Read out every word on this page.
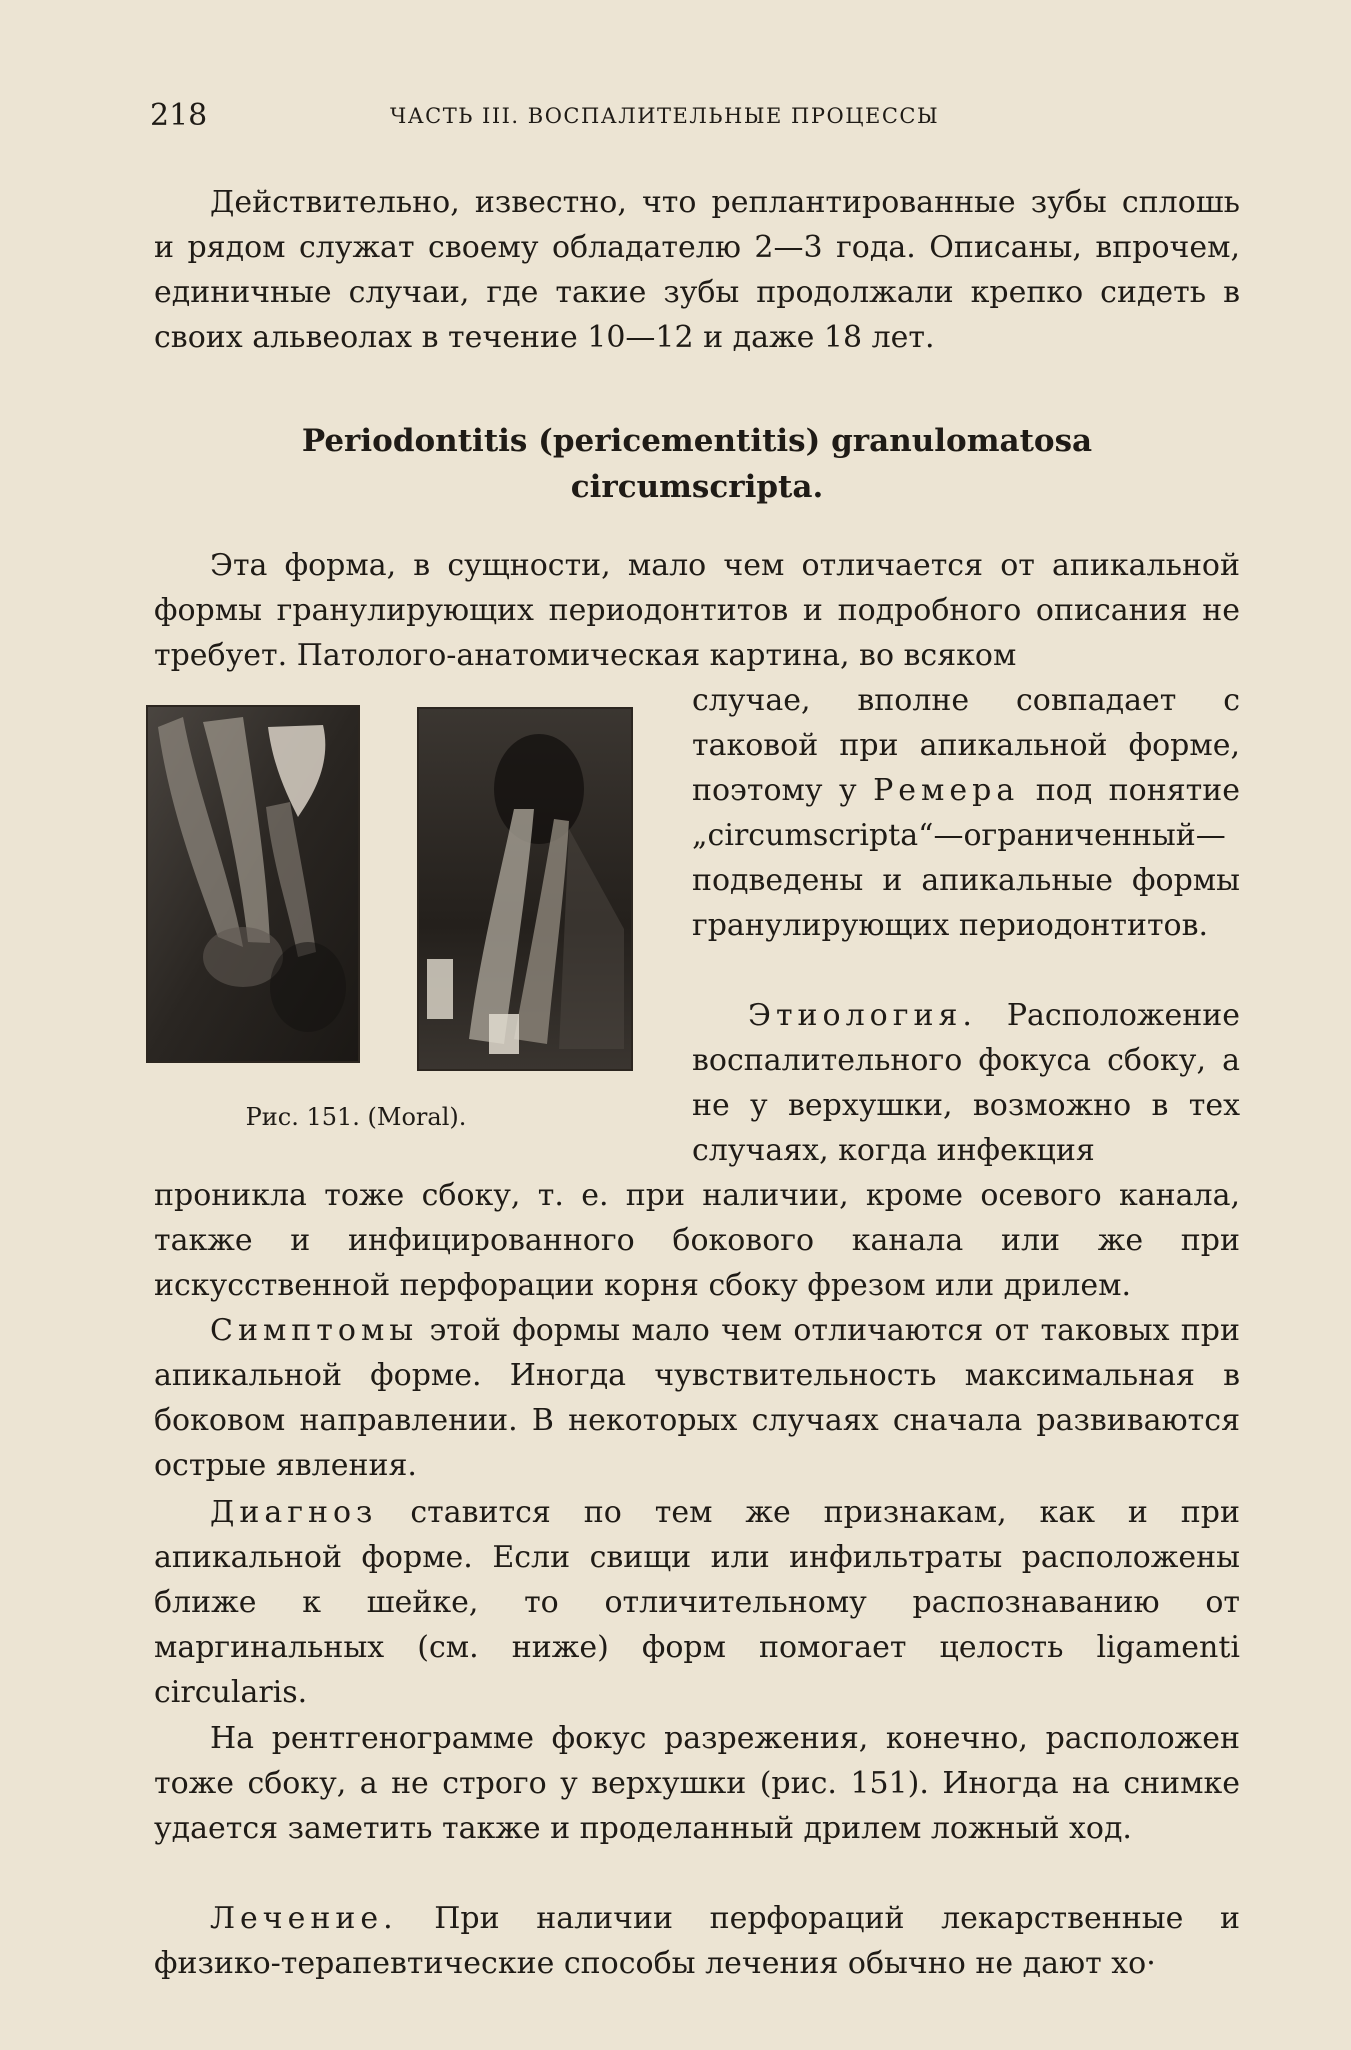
218	ЧАСТЬ III. ВОСПАЛИТЕЛЬНЫЕ ПРОЦЕССЫ

Действительно, известно, что реплантированные зубы сплошь и рядом служат своему обладателю 2—3 года. Описаны, впрочем, единичные случаи, где такие зубы продолжали крепко сидеть в своих альвеолах в течение 10—12 и даже 18 лет.

Periodontitis (pericementitis) granulomatosa
circumscripta.

Эта форма, в сущности, мало чем отличается от апикальной формы гранулирующих периодонтитов и подробного описания не требует. Патолого-анатомическая картина, во всяком

случае, вполне совпадает с таковой при апикальной форме, поэтому у Ремера под понятие „circumscripta“—ограниченный—подведены и апикальные формы гранулирующих периодонтитов.

Этиология. Расположение воспалительного фокуса сбоку, а не у верхушки, возможно в тех случаях, когда инфекция

проникла тоже сбоку, т. е. при наличии, кроме осевого канала, также и инфицированного бокового канала или же при искусственной перфорации корня сбоку фрезом или дрилем.

Симптомы этой формы мало чем отличаются от таковых при апикальной форме. Иногда чувствительность максимальная в боковом направлении. В некоторых случаях сначала развиваются острые явления.

Диагноз ставится по тем же признакам, как и при апикальной форме. Если свищи или инфильтраты расположены ближе к шейке, то отличительному распознаванию от маргинальных (см. ниже) форм помогает целость ligamenti circularis.

На рентгенограмме фокус разрежения, конечно, расположен тоже сбоку, а не строго у верхушки (рис. 151). Иногда на снимке удается заметить также и проделанный дрилем ложный ход.

Лечение. При наличии перфораций лекарственные и физико-терапевтические способы лечения обычно не дают хо·

Рис. 151. (Moral).
